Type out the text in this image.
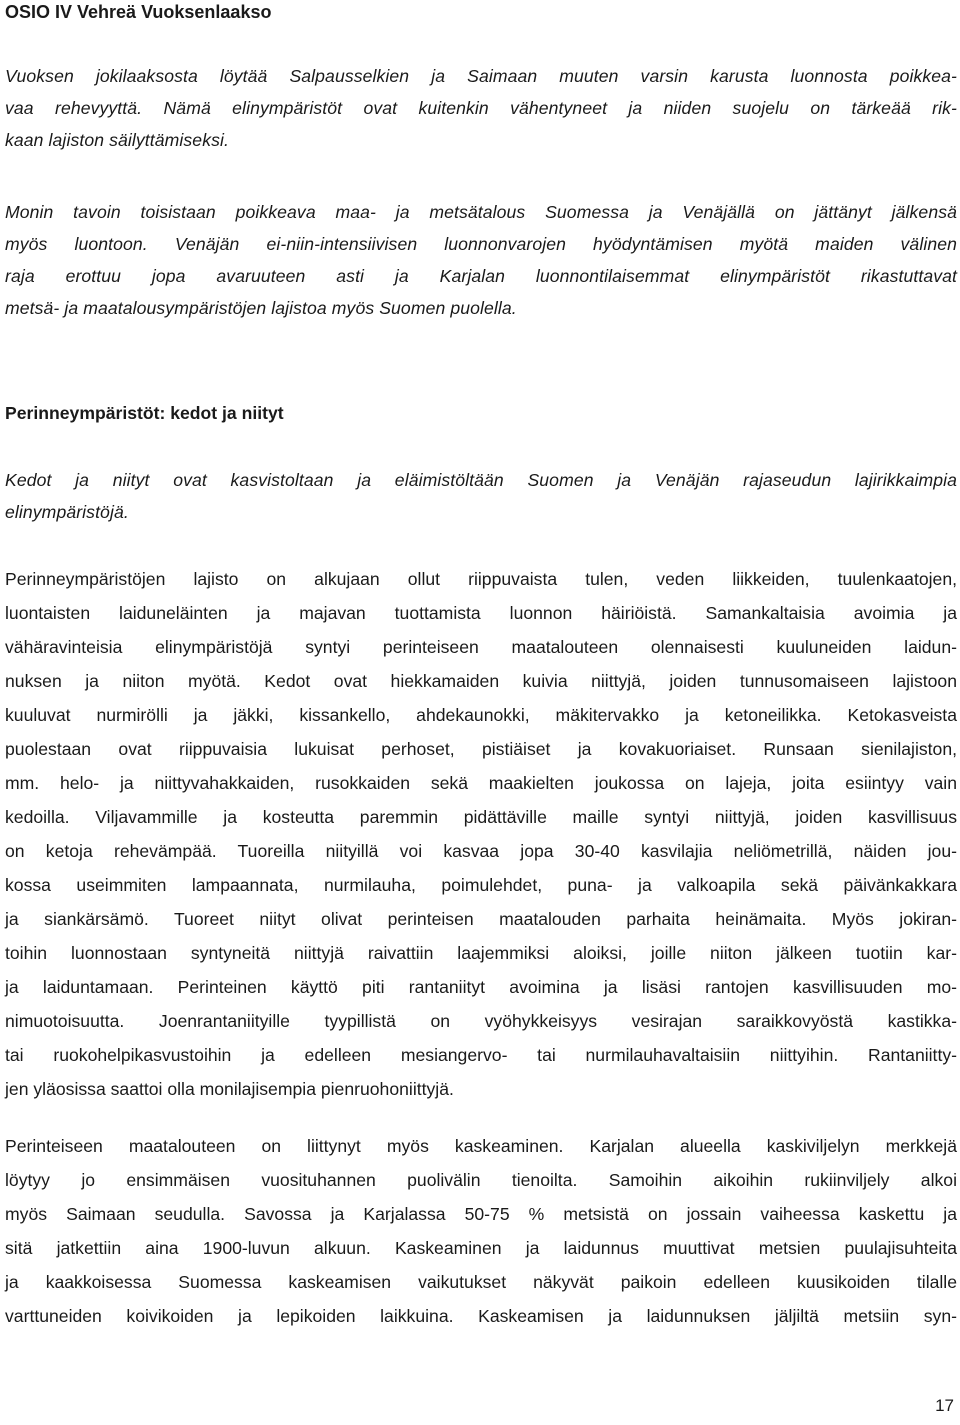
OSIO IV Vehreä Vuoksenlaakso
Vuoksen jokilaaksosta löytää Salpausselkien ja Saimaan muuten varsin karusta luonnosta poikkea-
vaa rehevyyttä. Nämä elinympäristöt ovat kuitenkin vähentyneet ja niiden suojelu on tärkeää rik-
kaan lajiston säilyttämiseksi.
Monin tavoin toisistaan poikkeava maa- ja metsätalous Suomessa ja Venäjällä on jättänyt jälkensä
myös luontoon. Venäjän ei-niin-intensiivisen luonnonvarojen hyödyntämisen myötä maiden välinen
raja erottuu jopa avaruuteen asti ja Karjalan luonnontilaisemmat elinympäristöt rikastuttavat
metsä- ja maatalousympäristöjen lajistoa myös Suomen puolella.
Perinneympäristöt: kedot ja niityt
Kedot ja niityt ovat kasvistoltaan ja eläimistöltään Suomen ja Venäjän rajaseudun lajirikkaimpia
elinympäristöjä.
Perinneympäristöjen lajisto on alkujaan ollut riippuvaista tulen, veden liikkeiden, tuulenkaatojen,
luontaisten laiduneläinten ja majavan tuottamista luonnon häiriöistä. Samankaltaisia avoimia ja
vähäravinteisia elinympäristöjä syntyi perinteiseen maatalouteen olennaisesti kuuluneiden laidun-
nuksen ja niiton myötä. Kedot ovat hiekkamaiden kuivia niittyjä, joiden tunnusomaiseen lajistoon
kuuluvat nurmirölli ja jäkki, kissankello, ahdekaunokki, mäkitervakko ja ketoneilikka. Ketokasveista
puolestaan ovat riippuvaisia lukuisat perhoset, pistiäiset ja kovakuoriaiset. Runsaan sienilajiston,
mm. helo- ja niittyvahakkaiden, rusokkaiden sekä maakielten joukossa on lajeja, joita esiintyy vain
kedoilla. Viljavammille ja kosteutta paremmin pidättäville maille syntyi niittyjä, joiden kasvillisuus
on ketoja rehevämpää. Tuoreilla niityillä voi kasvaa jopa 30-40 kasvilajia neliömetrillä, näiden jou-
kossa useimmiten lampaannata, nurmilauha, poimulehdet, puna- ja valkoapila sekä päivänkakkara
ja siankärsämö. Tuoreet niityt olivat perinteisen maatalouden parhaita heinämaita. Myös jokiran-
toihin luonnostaan syntyneitä niittyjä raivattiin laajemmiksi aloiksi, joille niiton jälkeen tuotiin kar-
ja laiduntamaan. Perinteinen käyttö piti rantaniityt avoimina ja lisäsi rantojen kasvillisuuden mo-
nimuotoisuutta. Joenrantaniityille tyypillistä on vyöhykkeisyys vesirajan saraikkovyöstä kastikka-
tai ruokohelpikasvustoihin ja edelleen mesiangervo- tai nurmilauhavaltaisiin niittyihin. Rantaniitty-
jen yläosissa saattoi olla monilajisempia pienruohoniittyjä.
Perinteiseen maatalouteen on liittynyt myös kaskeaminen. Karjalan alueella kaskiviljelyn merkkejä
löytyy jo ensimmäisen vuosituhannen puolivälin tienoilta. Samoihin aikoihin rukiinviljely alkoi
myös Saimaan seudulla. Savossa ja Karjalassa 50-75 % metsistä on jossain vaiheessa kaskettu ja
sitä jatkettiin aina 1900-luvun alkuun. Kaskeaminen ja laidunnus muuttivat metsien puulajisuhteita
ja kaakkoisessa Suomessa kaskeamisen vaikutukset näkyvät paikoin edelleen kuusikoiden tilalle
varttuneiden koivikoiden ja lepikoiden laikkuina. Kaskeamisen ja laidunnuksen jäljiltä metsiin syn-
17
